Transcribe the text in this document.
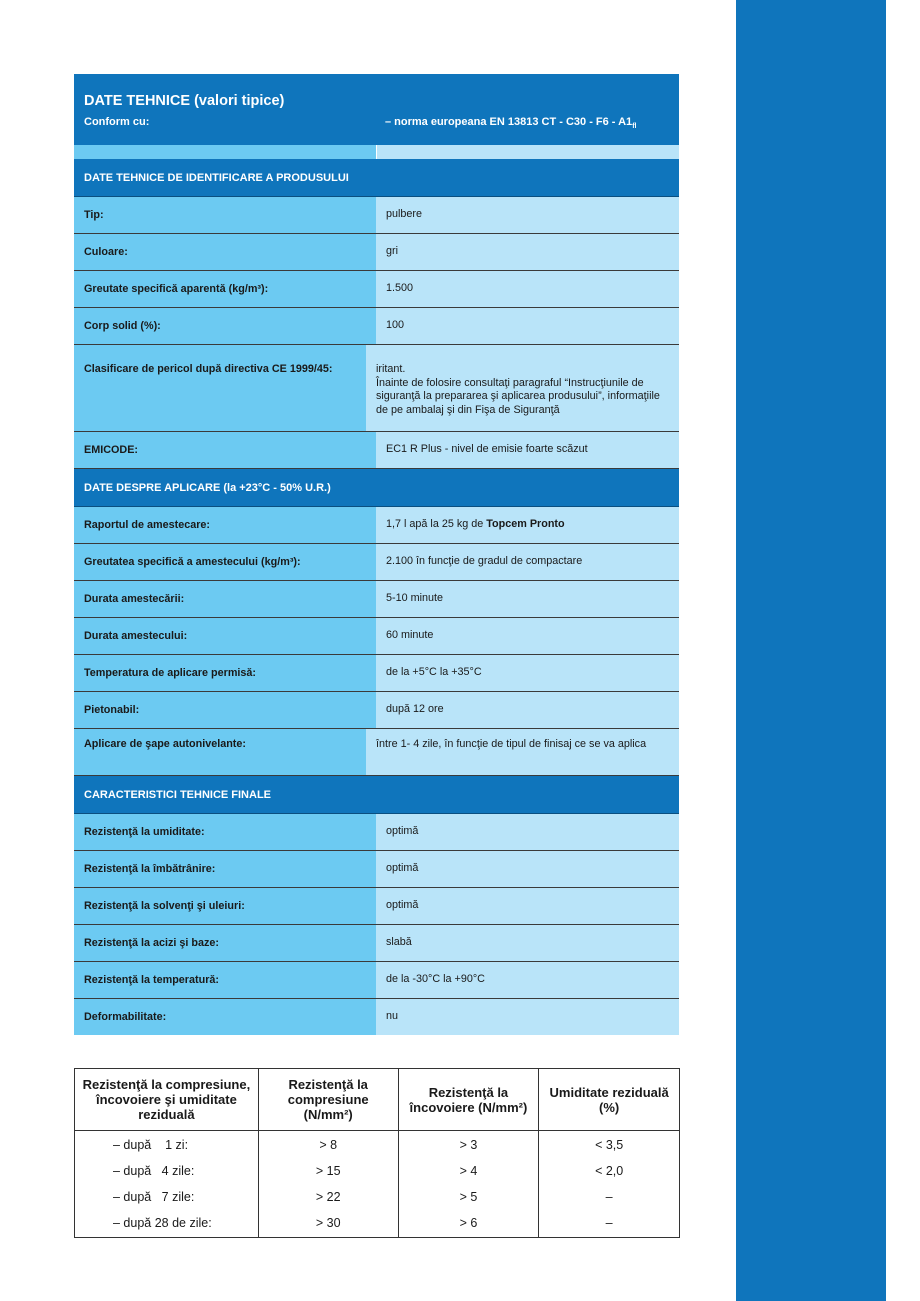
DATE TEHNICE (valori tipice)
Conform cu:	– norma europeana EN 13813 CT - $C30 - F6 - A1_{fl}$
DATE TEHNICE DE IDENTIFICARE A PRODUSULUI
Tip:	pulbere
Culoare:	gri
Greutate specifică aparentă (kg/m³):	1.500
Corp solid (%):	100
Clasificare de pericol după directiva CE 1999/45:	iritant.
Înainte de folosire consultaţi paragraful “Instrucţiunile de siguranţă la prepararea şi aplicarea produsului”, informaţiile de pe ambalaj şi din Fişa de Siguranţă
EMICODE:	EC1 R Plus - nivel de emisie foarte scăzut
DATE DESPRE APLICARE (la +23°C - 50% U.R.)
Raportul de amestecare:	1,7 l apă la 25 kg de Topcem Pronto
Greutatea specifică a amestecului (kg/m³):	2.100 în funcţie de gradul de compactare
Durata amestecării:	5-10 minute
Durata amestecului:	60 minute
Temperatura de aplicare permisă:	de la +5°C la +35°C
Pietonabil:	după 12 ore
Aplicare de şape autonivelante:	între 1- 4 zile, în funcţie de tipul de finisaj ce se va aplica
CARACTERISTICI TEHNICE FINALE
Rezistenţă la umiditate:	optimă
Rezistenţă la îmbătrânire:	optimă
Rezistenţă la solvenţi şi uleiuri:	optimă
Rezistenţă la acizi şi baze:	slabă
Rezistenţă la temperatură:	de la -30°C la +90°C
Deformabilitate:	nu
Rezistenţă la compresiune, încovoiere şi umiditate reziduală	Rezistenţă la compresiune (N/mm²)	Rezistenţă la încovoiere (N/mm²)	Umiditate reziduală (%)
– după    1 zi:	> 8	> 3	< 3,5
– după   4 zile:	> 15	> 4	< 2,0
– după   7 zile:	> 22	> 5	–
– după 28 de zile:	> 30	> 6	–
